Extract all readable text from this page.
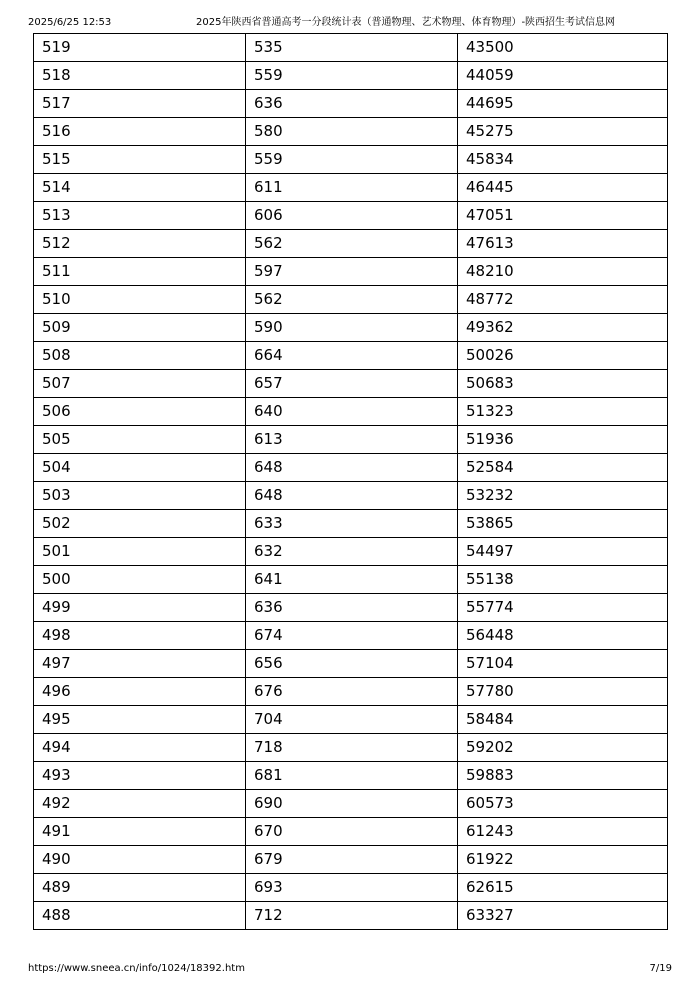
2025/6/25 12:53	2025年陕西省普通高考一分段统计表（普通物理、艺术物理、体育物理）-陕西招生考试信息网
519	535	43500
518	559	44059
517	636	44695
516	580	45275
515	559	45834
514	611	46445
513	606	47051
512	562	47613
511	597	48210
510	562	48772
509	590	49362
508	664	50026
507	657	50683
506	640	51323
505	613	51936
504	648	52584
503	648	53232
502	633	53865
501	632	54497
500	641	55138
499	636	55774
498	674	56448
497	656	57104
496	676	57780
495	704	58484
494	718	59202
493	681	59883
492	690	60573
491	670	61243
490	679	61922
489	693	62615
488	712	63327
https://www.sneea.cn/info/1024/18392.htm	7/19
